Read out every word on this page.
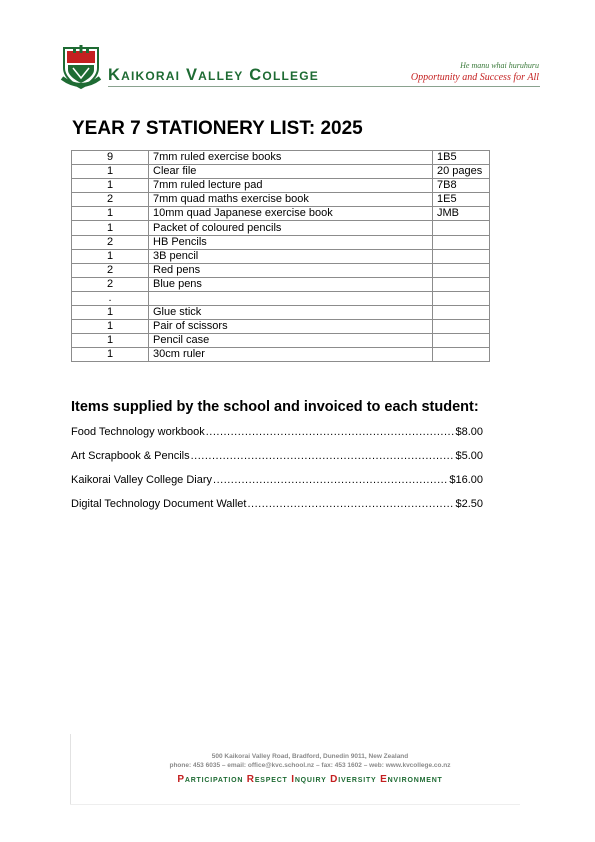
Kaikorai Valley College
He manu whai huruhuru
Opportunity and Success for All
YEAR 7 STATIONERY LIST: 2025
9	7mm ruled exercise books	1B5
1	Clear file	20 pages
1	7mm ruled lecture pad	7B8
2	7mm quad maths exercise book	1E5
1	10mm quad Japanese exercise book	JMB
1	Packet of coloured pencils	
2	HB Pencils	
1	3B pencil	
2	Red pens	
2	Blue pens	
.		
1	Glue stick	
1	Pair of scissors	
1	Pencil case	
1	30cm ruler	
Items supplied by the school and invoiced to each student:
Food Technology workbook .....	$8.00
Art Scrapbook & Pencils .....	$5.00
Kaikorai Valley College Diary .....	$16.00
Digital Technology Document Wallet .....	$2.50
500 Kaikorai Valley Road, Bradford, Dunedin 9011, New Zealand
phone: 453 6035 – email: office@kvc.school.nz – fax: 453 1602 – web: www.kvcollege.co.nz
Participation Respect Inquiry Diversity Environment
